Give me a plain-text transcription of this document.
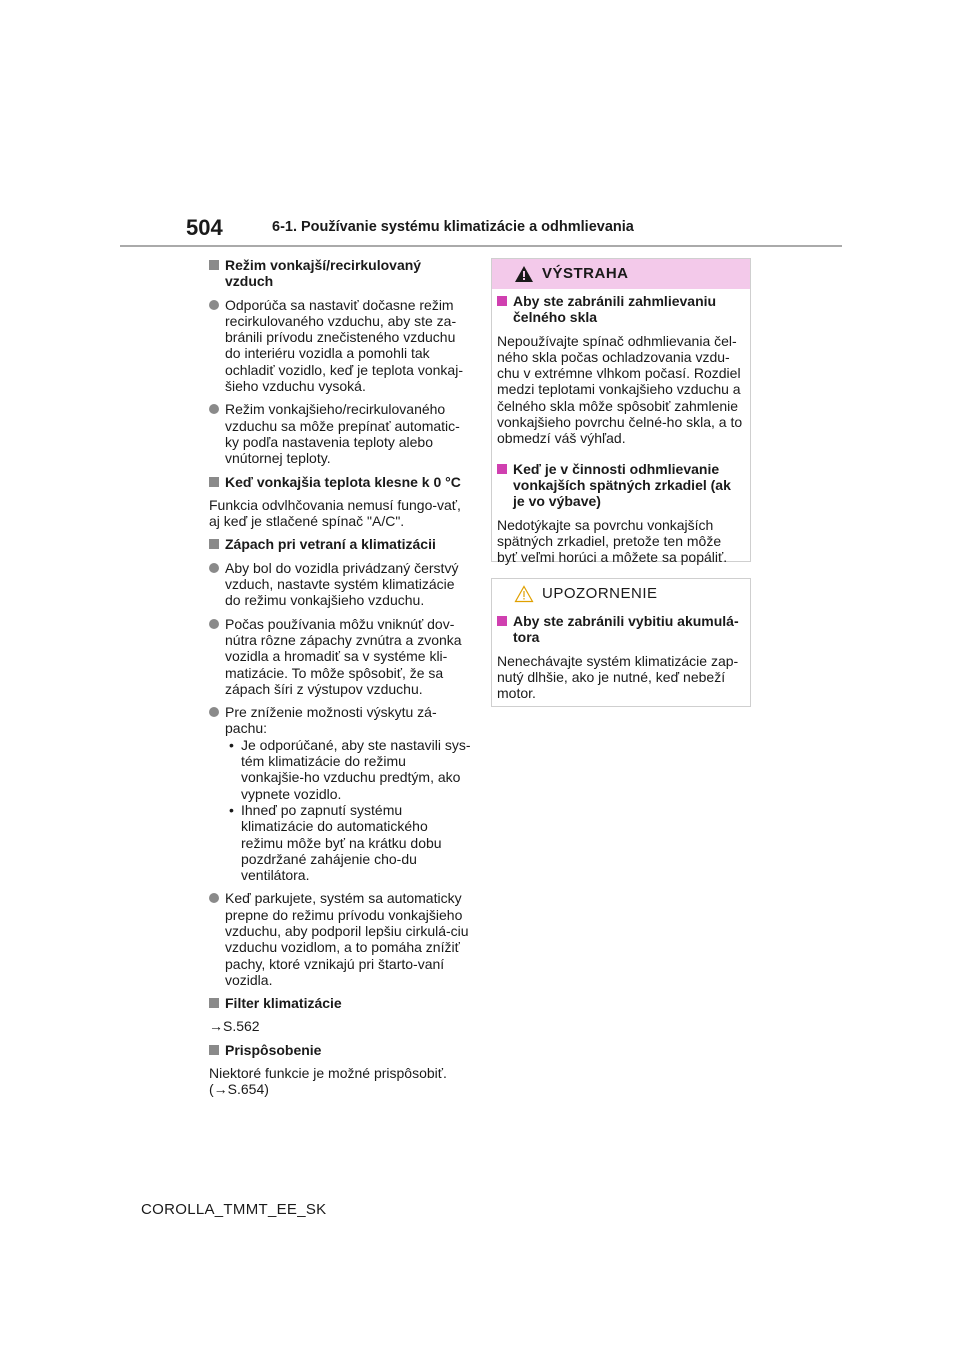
504	6-1. Používanie systému klimatizácie a odhmlievania
Režim vonkajší/recirkulovaný vzduch
Odporúča sa nastaviť dočasne režim recirkulovaného vzduchu, aby ste za-bránili prívodu znečisteného vzduchu do interiéru vozidla a pomohli tak ochladiť vozidlo, keď je teplota vonkaj-šieho vzduchu vysoká.
Režim vonkajšieho/recirkulovaného vzduchu sa môže prepínať automatic-ky podľa nastavenia teploty alebo vnútornej teploty.
Keď vonkajšia teplota klesne k 0 °C
Funkcia odvlhčovania nemusí fungo-vať, aj keď je stlačené spínač "A/C".
Zápach pri vetraní a klimatizácii
Aby bol do vozidla privádzaný čerstvý vzduch, nastavte systém klimatizácie do režimu vonkajšieho vzduchu.
Počas používania môžu vniknúť dov-nútra rôzne zápachy zvnútra a zvonka vozidla a hromadiť sa v systéme kli-matizácie. To môže spôsobiť, že sa zápach šíri z výstupov vzduchu.
Pre zníženie možnosti výskytu zá-pachu:
• Je odporúčané, aby ste nastavili sys-tém klimatizácie do režimu vonkajšie-ho vzduchu predtým, ako vypnete vozidlo.
• Ihneď po zapnutí systému klimatizácie do automatického režimu môže byť na krátku dobu pozdržané zahájenie cho-du ventilátora.
Keď parkujete, systém sa automaticky prepne do režimu prívodu vonkajšieho vzduchu, aby podporil lepšiu cirkulá-ciu vzduchu vozidlom, a to pomáha znížiť pachy, ktoré vznikajú pri štarto-vaní vozidla.
Filter klimatizácie
→S.562
Prispôsobenie
Niektoré funkcie je možné prispôsobiť. (→S.654)
VÝSTRAHA
Aby ste zabránili zahmlievaniu čelného skla
Nepoužívajte spínač odhmlievania čel-ného skla počas ochladzovania vzdu-chu v extrémne vlhkom počasí. Rozdiel medzi teplotami vonkajšieho vzduchu a čelného skla môže spôsobiť zahmlenie vonkajšieho povrchu čelné-ho skla, a to obmedzí váš výhľad.
Keď je v činnosti odhmlievanie vonkajších spätných zrkadiel (ak je vo výbave)
Nedotýkajte sa povrchu vonkajších spätných zrkadiel, pretože ten môže byť veľmi horúci a môžete sa popáliť.
UPOZORNENIE
Aby ste zabránili vybitiu akumulá-tora
Nenechávajte systém klimatizácie zap-nutý dlhšie, ako je nutné, keď nebeží motor.
COROLLA_TMMT_EE_SK
